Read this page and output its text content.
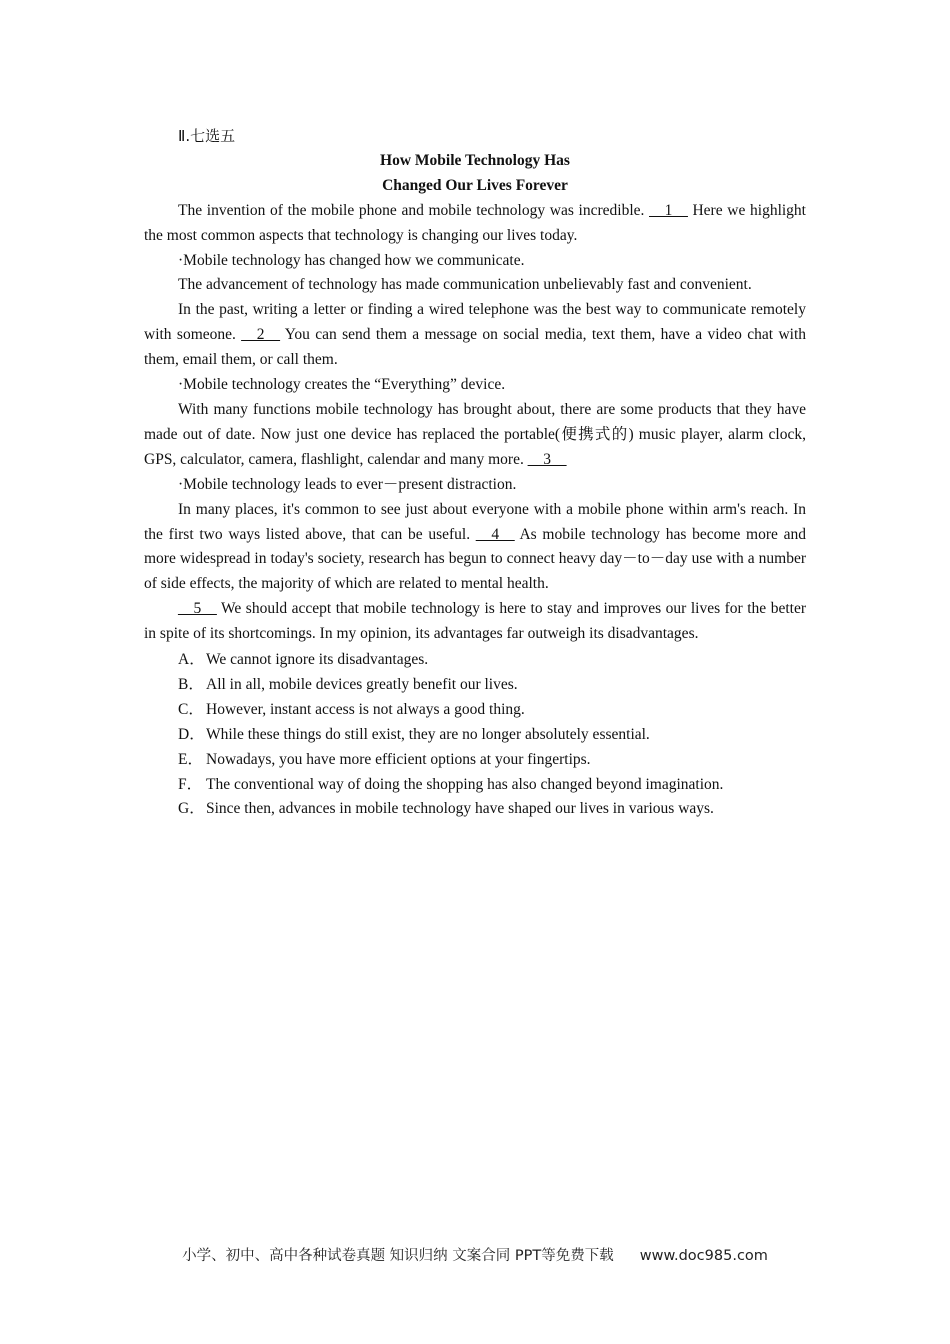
Ⅱ.七选五
How Mobile Technology Has
Changed Our Lives Forever

The invention of the mobile phone and mobile technology was incredible. __1__ Here we highlight the most common aspects that technology is changing our lives today.

·Mobile technology has changed how we communicate.

The advancement of technology has made communication unbelievably fast and convenient.

In the past, writing a letter or finding a wired telephone was the best way to communicate remotely with someone. __2__ You can send them a message on social media, text them, have a video chat with them, email them, or call them.

·Mobile technology creates the “Everything” device.

With many functions mobile technology has brought about, there are some products that they have made out of date. Now just one device has replaced the portable(便携式的) music player, alarm clock, GPS, calculator, camera, flashlight, calendar and many more. __3__

·Mobile technology leads to ever－present distraction.

In many places, it's common to see just about everyone with a mobile phone within arm's reach. In the first two ways listed above, that can be useful. __4__ As mobile technology has become more and more widespread in today's society, research has begun to connect heavy day－to－day use with a number of side effects, the majority of which are related to mental health.

__5__ We should accept that mobile technology is here to stay and improves our lives for the better in spite of its shortcomings. In my opinion, its advantages far outweigh its disadvantages.

A．We cannot ignore its disadvantages.
B． All in all, mobile devices greatly benefit our lives.
C． However, instant access is not always a good thing.
D．While these things do still exist, they are no longer absolutely essential.
E． Nowadays, you have more efficient options at your fingertips.
F． The conventional way of doing the shopping has also changed beyond imagination.
G．Since then, advances in mobile technology have shaped our lives in various ways.
小学、初中、高中各种试卷真题 知识归纳 文案合同 PPT等免费下载 www.doc985.com
